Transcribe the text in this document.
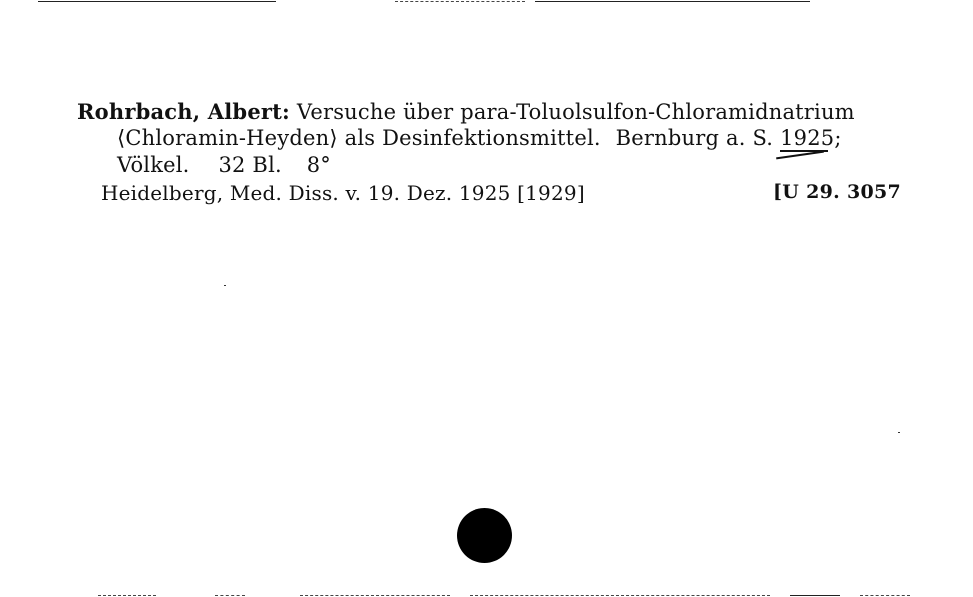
Rohrbach, Albert: Versuche über para-Toluolsulfon-Chloramidnatrium
⟨Chloramin-Heyden⟩ als Desinfektionsmittel. Bernburg a. S. 1925;
Völkel. 32 Bl. 8°
Heidelberg, Med. Diss. v. 19. Dez. 1925 [1929]	[U 29. 3057
